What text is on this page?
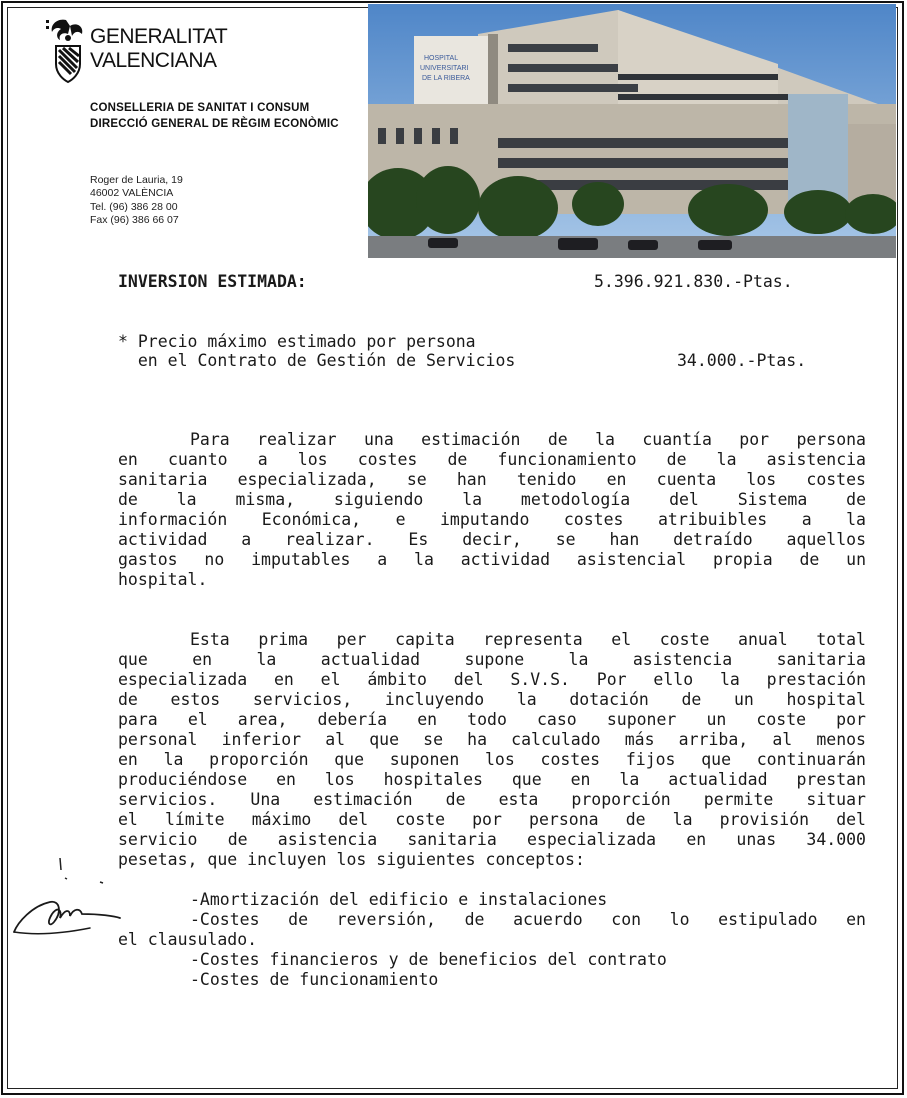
GENERALITAT
VALENCIANA
CONSELLERIA DE SANITAT I CONSUM
DIRECCIÓ GENERAL DE RÈGIM ECONÒMIC
Roger de Lauria, 19
46002 VALÈNCIA
Tel. (96) 386 28 00
Fax (96) 386 66 07
HOSPITAL
UNIVERSITARI
DE LA RIBERA
INVERSION ESTIMADA:	5.396.921.830.-Ptas.
* Precio máximo estimado por persona
en el Contrato de Gestión de Servicios	34.000.-Ptas.
Para realizar una estimación de la cuantía por persona
en cuanto a los costes de funcionamiento de la asistencia
sanitaria especializada, se han tenido en cuenta los costes
de la misma, siguiendo la metodología del Sistema de
información Económica, e imputando costes atribuibles a la
actividad a realizar. Es decir, se han detraído aquellos
gastos no imputables a la actividad asistencial propia de un
hospital.
Esta prima per capita representa el coste anual total
que en la actualidad supone la asistencia sanitaria
especializada en el ámbito del S.V.S. Por ello la prestación
de estos servicios, incluyendo la dotación de un hospital
para el area, debería en todo caso suponer un coste por
personal inferior al que se ha calculado más arriba, al menos
en la proporción que suponen los costes fijos que continuarán
produciéndose en los hospitales que en la actualidad prestan
servicios. Una estimación de esta proporción permite situar
el límite máximo del coste por persona de la provisión del
servicio de asistencia sanitaria especializada en unas 34.000
pesetas, que incluyen los siguientes conceptos:
-Amortización del edificio e instalaciones
-Costes de reversión, de acuerdo con lo estipulado en
el clausulado.
-Costes financieros y de beneficios del contrato
-Costes de funcionamiento
